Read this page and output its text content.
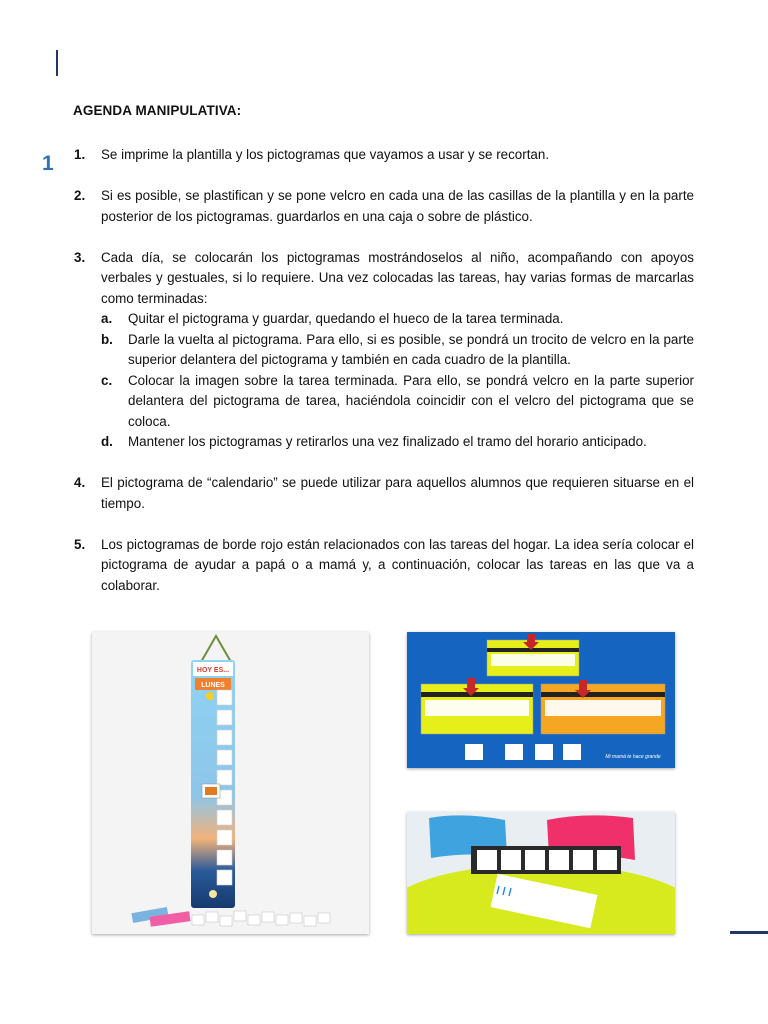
1
AGENDA MANIPULATIVA:
1.	Se imprime la plantilla y los pictogramas que vayamos a usar y se recortan.
2.	Si es posible, se plastifican y se pone velcro en cada una de las casillas de la plantilla y en la parte posterior de los pictogramas. guardarlos en una caja o sobre de plástico.
3.	Cada día, se colocarán los pictogramas mostrándoselos al niño, acompañando con apoyos verbales y gestuales, si lo requiere. Una vez colocadas las tareas, hay varias formas de marcarlas como terminadas:
a.	Quitar el pictograma y guardar, quedando el hueco de la tarea terminada.
b.	Darle la vuelta al pictograma. Para ello, si es posible, se pondrá un trocito de velcro en la parte superior delantera del pictograma y también en cada cuadro de la plantilla.
c.	Colocar la imagen sobre la tarea terminada. Para ello, se pondrá velcro en la parte superior delantera del pictograma de tarea, haciéndola coincidir con el velcro del pictograma que se coloca.
d.	Mantener los pictogramas y retirarlos una vez finalizado el tramo del horario anticipado.
4.	El pictograma de “calendario” se puede utilizar para aquellos alumnos que requieren situarse en el tiempo.
5.	Los pictogramas de borde rojo están relacionados con las tareas del hogar. La idea sería colocar el pictograma de ayudar a papá o a mamá y, a continuación, colocar las tareas en las que va a colaborar.
HOY ES...
LUNES
Mi mamá te hace grande
